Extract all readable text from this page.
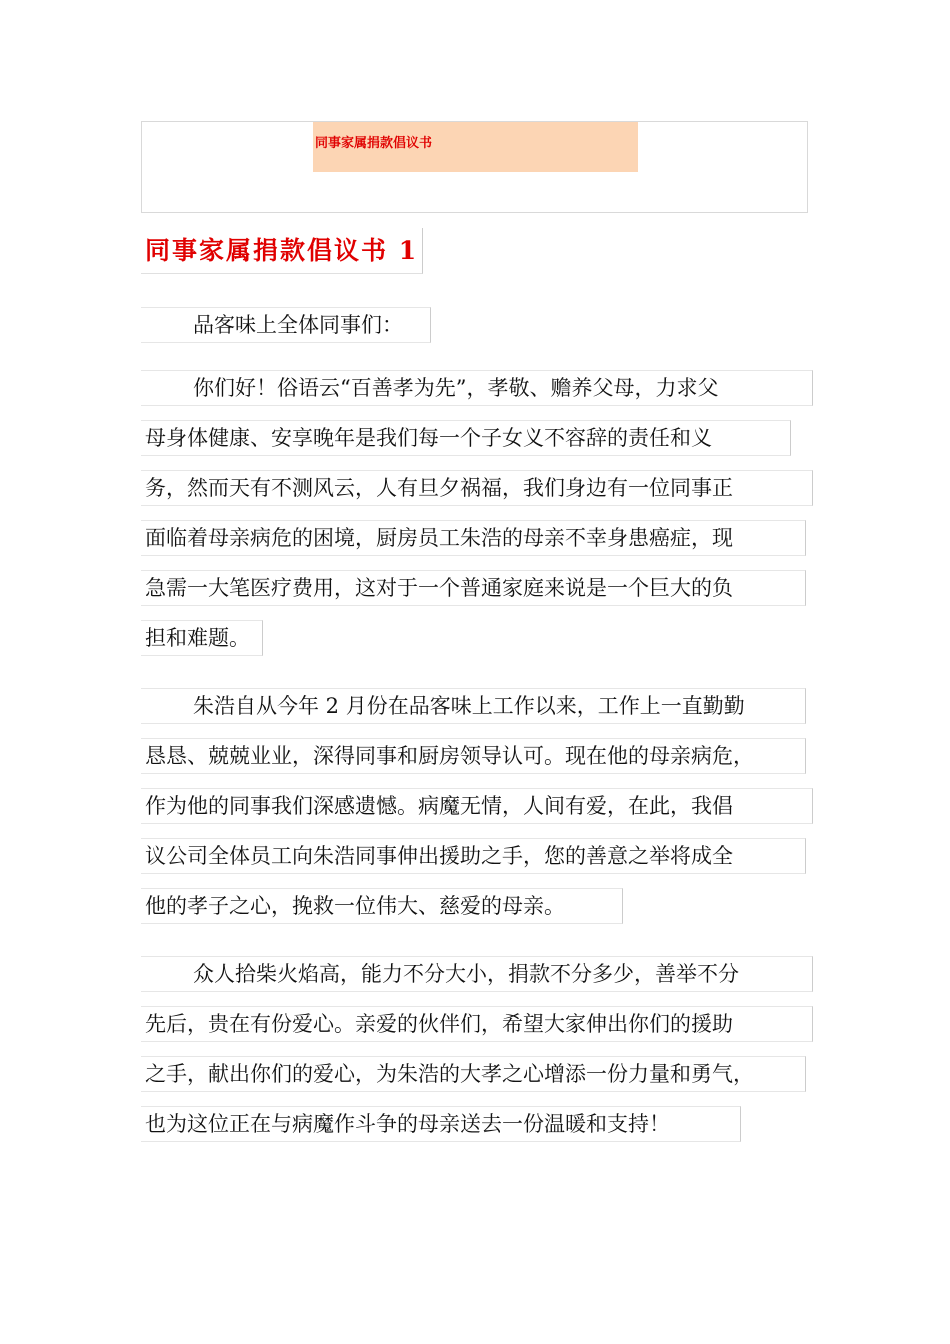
同事家属捐款倡议书
同事家属捐款倡议书 1
品客味上全体同事们：
你们好！俗语云“百善孝为先”，孝敬、赡养父母，力求父
母身体健康、安享晚年是我们每一个子女义不容辞的责任和义
务，然而天有不测风云，人有旦夕祸福，我们身边有一位同事正
面临着母亲病危的困境，厨房员工朱浩的母亲不幸身患癌症，现
急需一大笔医疗费用，这对于一个普通家庭来说是一个巨大的负
担和难题。
朱浩自从今年 2 月份在品客味上工作以来，工作上一直勤勤
恳恳、兢兢业业，深得同事和厨房领导认可。现在他的母亲病危，
作为他的同事我们深感遗憾。病魔无情，人间有爱，在此，我倡
议公司全体员工向朱浩同事伸出援助之手，您的善意之举将成全
他的孝子之心，挽救一位伟大、慈爱的母亲。
众人拾柴火焰高，能力不分大小，捐款不分多少，善举不分
先后，贵在有份爱心。亲爱的伙伴们，希望大家伸出你们的援助
之手，献出你们的爱心，为朱浩的大孝之心增添一份力量和勇气，
也为这位正在与病魔作斗争的母亲送去一份温暖和支持！
